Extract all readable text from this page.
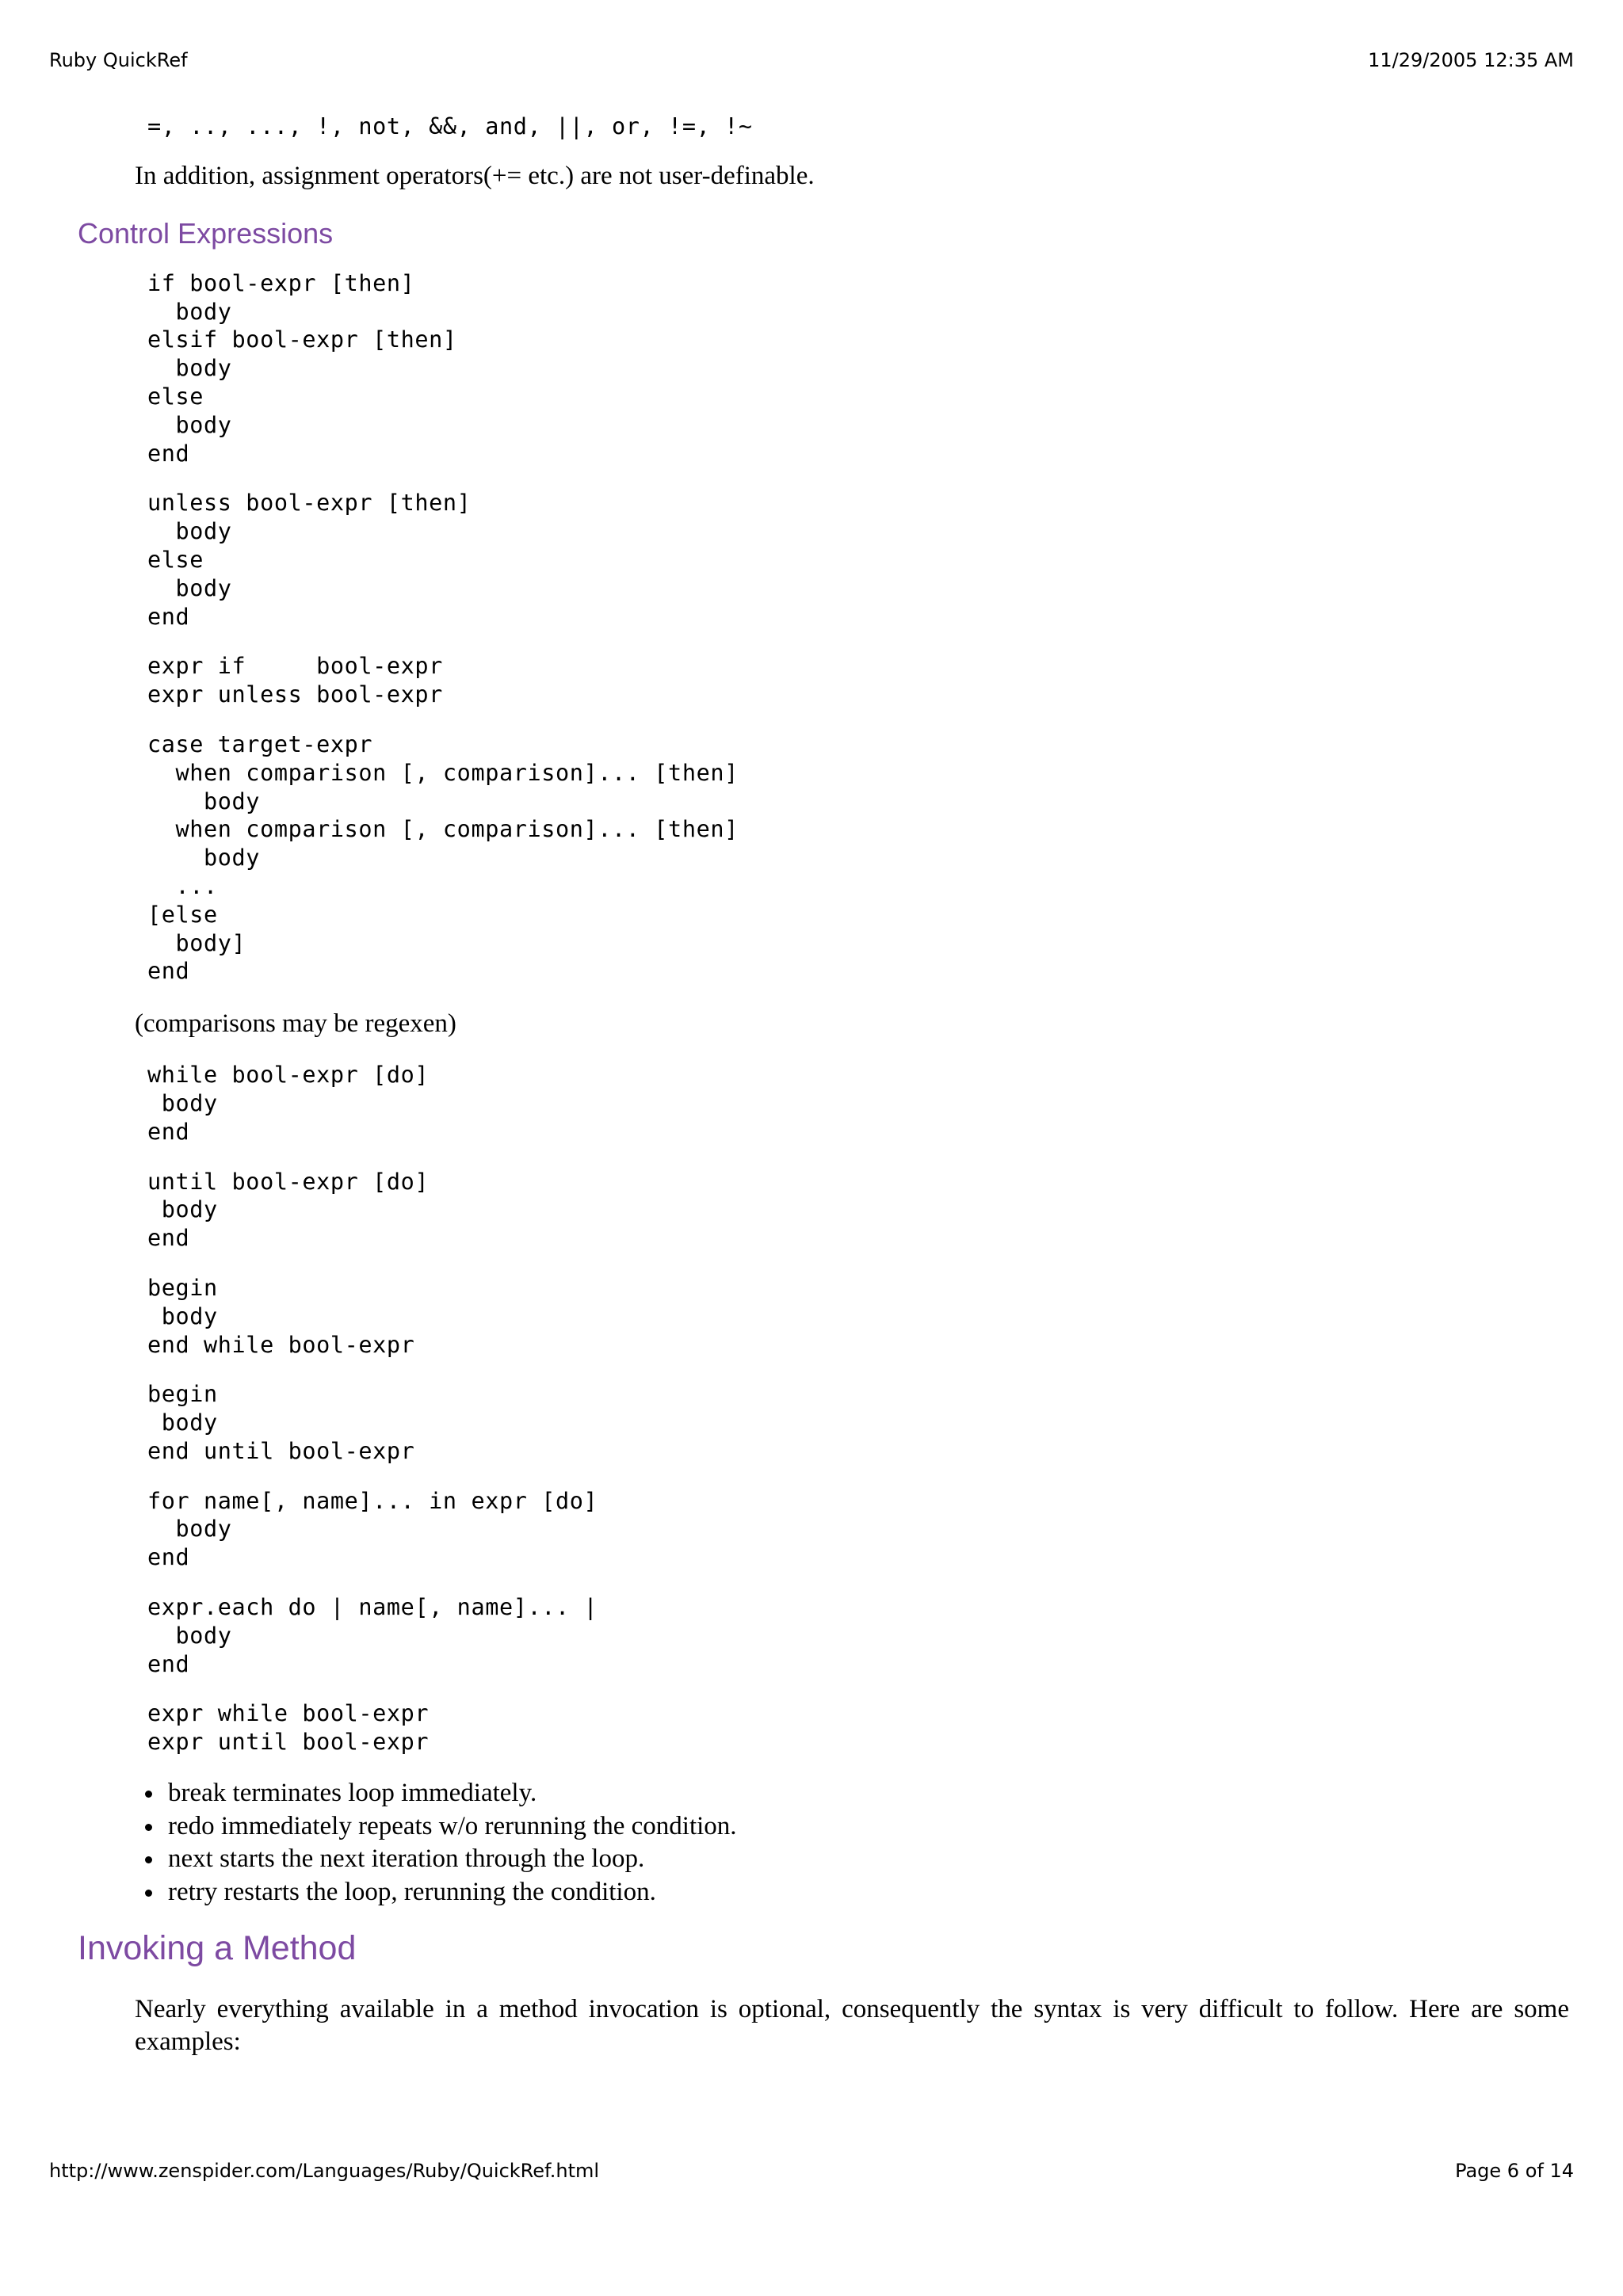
Ruby QuickRef	11/29/2005 12:35 AM
=, .., ..., !, not, &&, and, ||, or, !=, !~

In addition, assignment operators(+= etc.) are not user-definable.

Control Expressions
if bool-expr [then]
body
elsif bool-expr [then]
body
else
body
end
unless bool-expr [then]
body
else
body
end
expr if     bool-expr
expr unless bool-expr
case target-expr
when comparison [, comparison]... [then]
body
when comparison [, comparison]... [then]
body
...
[else
body]
end

(comparisons may be regexen)

while bool-expr [do]
body
end
until bool-expr [do]
body
end
begin
body
end while bool-expr
begin
body
end until bool-expr
for name[, name]... in expr [do]
body
end
expr.each do | name[, name]... |
body
end
expr while bool-expr
expr until bool-expr
• break terminates loop immediately.
• redo immediately repeats w/o rerunning the condition.
• next starts the next iteration through the loop.
• retry restarts the loop, rerunning the condition.
Invoking a Method

Nearly everything available in a method invocation is optional, consequently the syntax is very difficult to follow. Here are some examples:

http://www.zenspider.com/Languages/Ruby/QuickRef.html	Page 6 of 14
